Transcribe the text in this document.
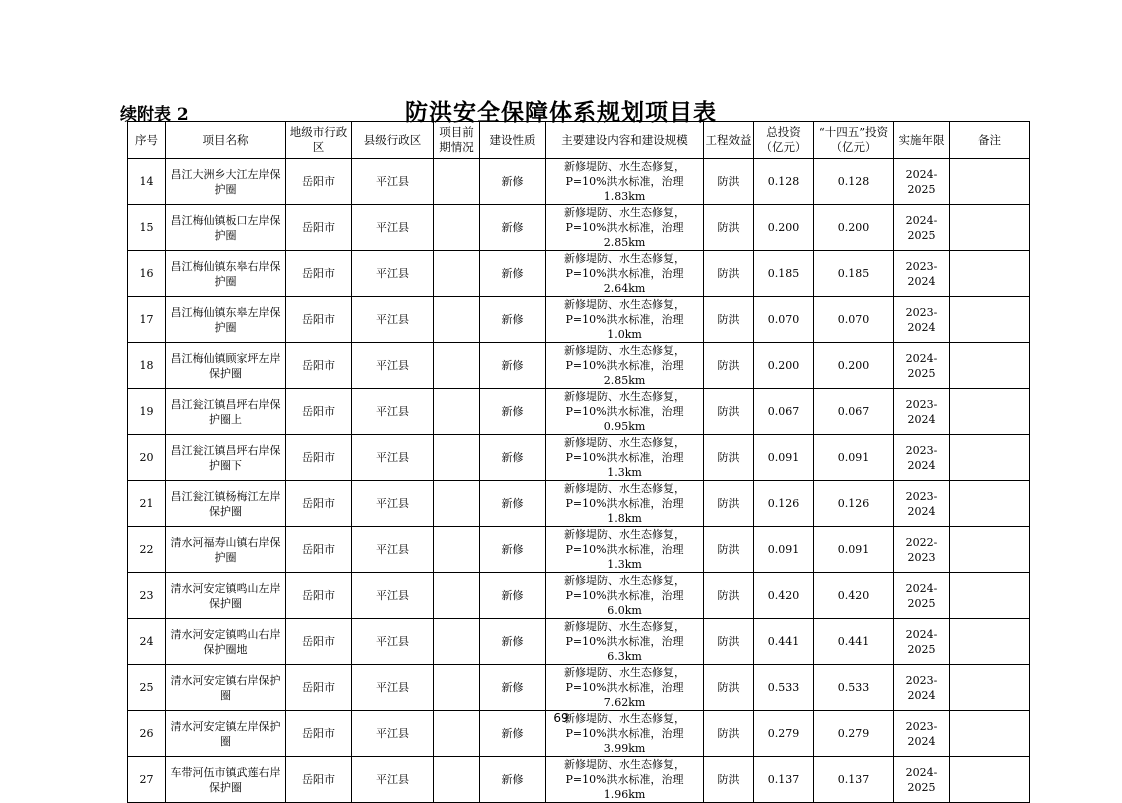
续附表 2	防洪安全保障体系规划项目表
序号	项目名称	地级市行政区	县级行政区	项目前期情况	建设性质	主要建设内容和建设规模	工程效益	总投资（亿元）	“十四五”投资（亿元）	实施年限	备注
14	昌江大洲乡大江左岸保护圈	岳阳市	平江县		新修	新修堤防、水生态修复，P=10%洪水标准，治理 1.83km	防洪	0.128	0.128	2024-2025	
15	昌江梅仙镇板口左岸保护圈	岳阳市	平江县		新修	新修堤防、水生态修复，P=10%洪水标准，治理 2.85km	防洪	0.200	0.200	2024-2025	
16	昌江梅仙镇东皋右岸保护圈	岳阳市	平江县		新修	新修堤防、水生态修复，P=10%洪水标准，治理 2.64km	防洪	0.185	0.185	2023-2024	
17	昌江梅仙镇东皋左岸保护圈	岳阳市	平江县		新修	新修堤防、水生态修复，P=10%洪水标准，治理 1.0km	防洪	0.070	0.070	2023-2024	
18	昌江梅仙镇顾家坪左岸保护圈	岳阳市	平江县		新修	新修堤防、水生态修复，P=10%洪水标准，治理 2.85km	防洪	0.200	0.200	2024-2025	
19	昌江瓮江镇昌坪右岸保护圈上	岳阳市	平江县		新修	新修堤防、水生态修复，P=10%洪水标准，治理 0.95km	防洪	0.067	0.067	2023-2024	
20	昌江瓮江镇昌坪右岸保护圈下	岳阳市	平江县		新修	新修堤防、水生态修复，P=10%洪水标准，治理 1.3km	防洪	0.091	0.091	2023-2024	
21	昌江瓮江镇杨梅江左岸保护圈	岳阳市	平江县		新修	新修堤防、水生态修复，P=10%洪水标准，治理 1.8km	防洪	0.126	0.126	2023-2024	
22	清水河福寿山镇右岸保护圈	岳阳市	平江县		新修	新修堤防、水生态修复，P=10%洪水标准，治理 1.3km	防洪	0.091	0.091	2022-2023	
23	清水河安定镇鸣山左岸保护圈	岳阳市	平江县		新修	新修堤防、水生态修复，P=10%洪水标准，治理 6.0km	防洪	0.420	0.420	2024-2025	
24	清水河安定镇鸣山右岸保护圈地	岳阳市	平江县		新修	新修堤防、水生态修复，P=10%洪水标准，治理 6.3km	防洪	0.441	0.441	2024-2025	
25	清水河安定镇右岸保护圈	岳阳市	平江县		新修	新修堤防、水生态修复，P=10%洪水标准，治理 7.62km	防洪	0.533	0.533	2023-2024	
26	清水河安定镇左岸保护圈	岳阳市	平江县		新修	新修堤防、水生态修复，P=10%洪水标准，治理 3.99km	防洪	0.279	0.279	2023-2024	
27	车带河伍市镇武莲右岸保护圈	岳阳市	平江县		新修	新修堤防、水生态修复，P=10%洪水标准，治理 1.96km	防洪	0.137	0.137	2024-2025	
69
